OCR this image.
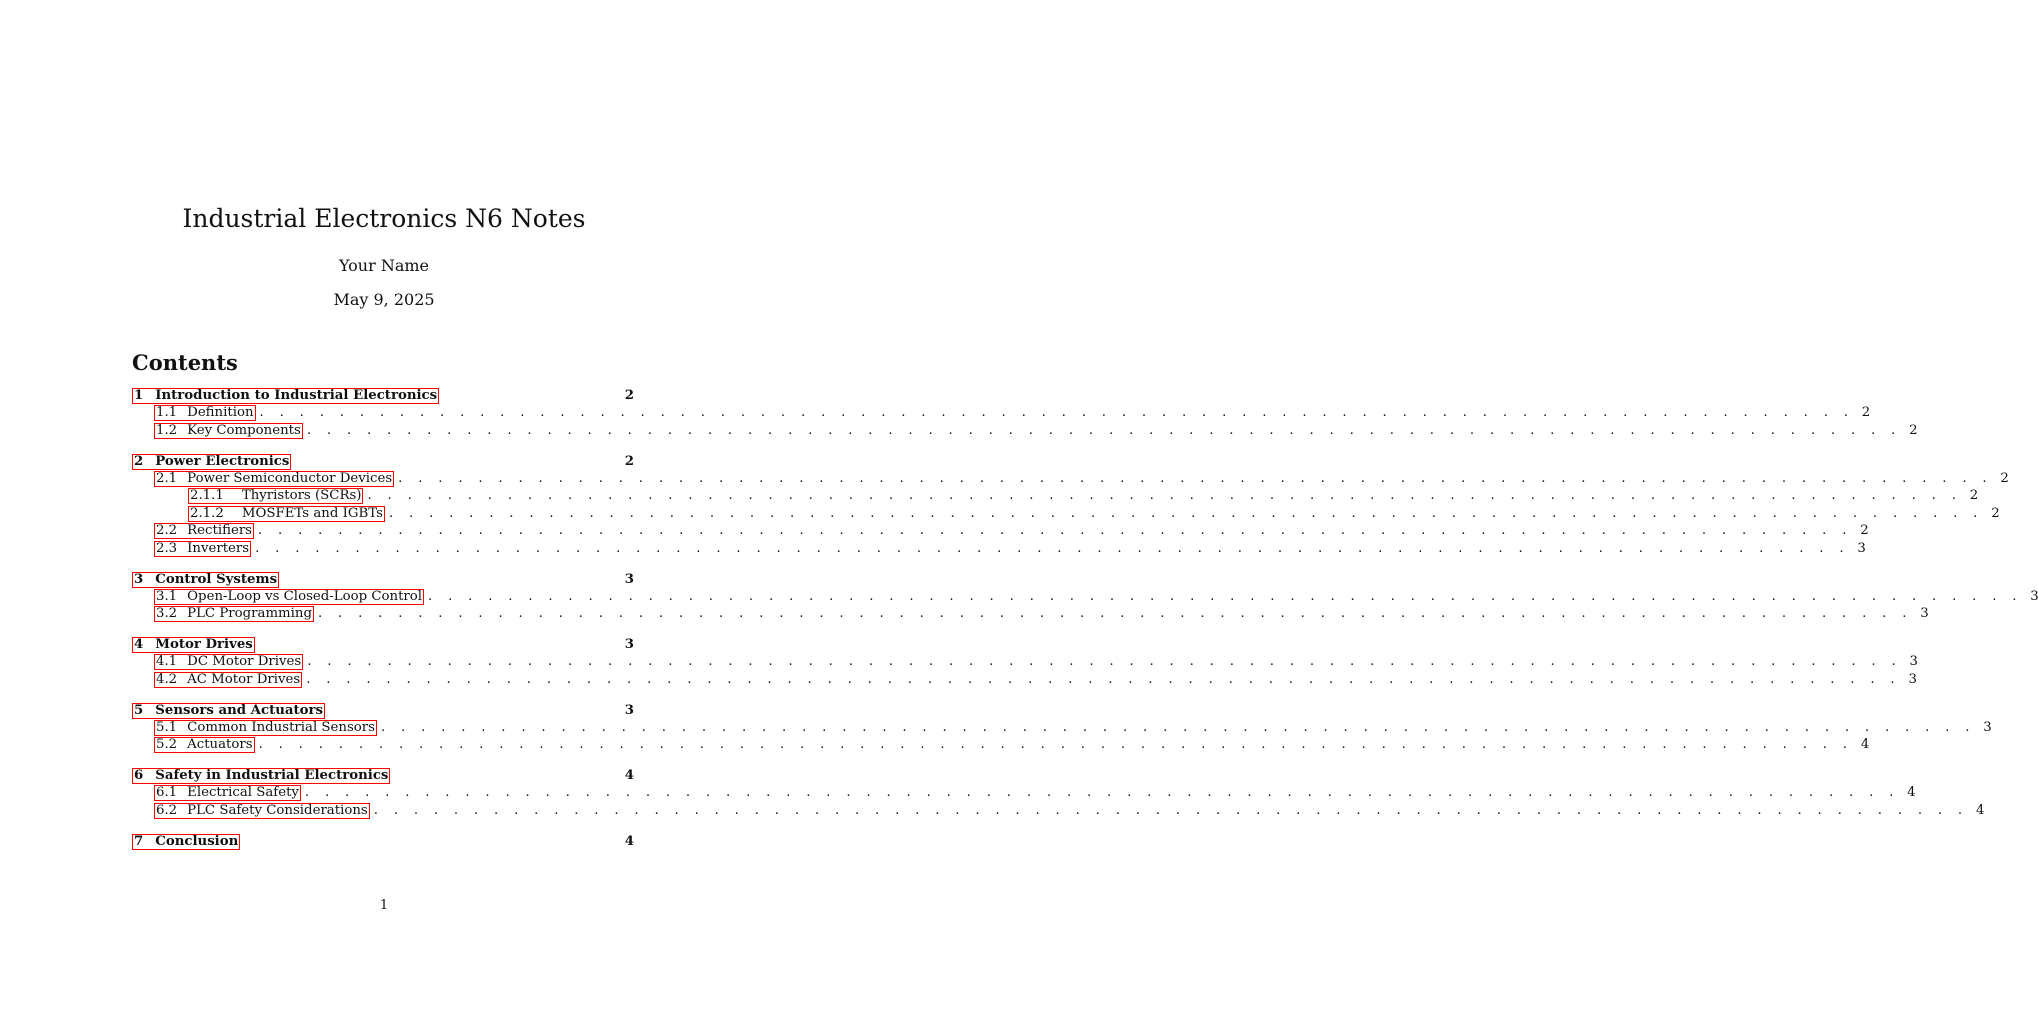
Industrial Electronics N6 Notes
Your Name
May 9, 2025
Contents
1 Introduction to Industrial Electronics	2
1.1 Definition . . . . . . . . . . . . . . . . . . . . . . . . . . . . . . . . . . . . . . . . . . . . . . . . . . . . . . . . . . . . . . . . . . . . . . . . . . . . . . . . 2
1.2 Key Components . . . . . . . . . . . . . . . . . . . . . . . . . . . . . . . . . . . . . . . . . . . . . . . . . . . . . . . . . . . . . . . . . . . . . . . . . . . . . . . . 2
2 Power Electronics	2
2.1 Power Semiconductor Devices . . . . . . . . . . . . . . . . . . . . . . . . . . . . . . . . . . . . . . . . . . . . . . . . . . . . . . . . . . . . . . . . . . . . . . . . . . . . . . . . 2
2.1.1 Thyristors (SCRs) . . . . . . . . . . . . . . . . . . . . . . . . . . . . . . . . . . . . . . . . . . . . . . . . . . . . . . . . . . . . . . . . . . . . . . . . . . . . . . . . 2
2.1.2 MOSFETs and IGBTs . . . . . . . . . . . . . . . . . . . . . . . . . . . . . . . . . . . . . . . . . . . . . . . . . . . . . . . . . . . . . . . . . . . . . . . . . . . . . . . . 2
2.2 Rectifiers . . . . . . . . . . . . . . . . . . . . . . . . . . . . . . . . . . . . . . . . . . . . . . . . . . . . . . . . . . . . . . . . . . . . . . . . . . . . . . . . 2
2.3 Inverters . . . . . . . . . . . . . . . . . . . . . . . . . . . . . . . . . . . . . . . . . . . . . . . . . . . . . . . . . . . . . . . . . . . . . . . . . . . . . . . . 3
3 Control Systems	3
3.1 Open-Loop vs Closed-Loop Control . . . . . . . . . . . . . . . . . . . . . . . . . . . . . . . . . . . . . . . . . . . . . . . . . . . . . . . . . . . . . . . . . . . . . . . . . . . . . . . . 3
3.2 PLC Programming . . . . . . . . . . . . . . . . . . . . . . . . . . . . . . . . . . . . . . . . . . . . . . . . . . . . . . . . . . . . . . . . . . . . . . . . . . . . . . . . 3
4 Motor Drives	3
4.1 DC Motor Drives . . . . . . . . . . . . . . . . . . . . . . . . . . . . . . . . . . . . . . . . . . . . . . . . . . . . . . . . . . . . . . . . . . . . . . . . . . . . . . . . 3
4.2 AC Motor Drives . . . . . . . . . . . . . . . . . . . . . . . . . . . . . . . . . . . . . . . . . . . . . . . . . . . . . . . . . . . . . . . . . . . . . . . . . . . . . . . . 3
5 Sensors and Actuators	3
5.1 Common Industrial Sensors . . . . . . . . . . . . . . . . . . . . . . . . . . . . . . . . . . . . . . . . . . . . . . . . . . . . . . . . . . . . . . . . . . . . . . . . . . . . . . . . 3
5.2 Actuators . . . . . . . . . . . . . . . . . . . . . . . . . . . . . . . . . . . . . . . . . . . . . . . . . . . . . . . . . . . . . . . . . . . . . . . . . . . . . . . . 4
6 Safety in Industrial Electronics	4
6.1 Electrical Safety . . . . . . . . . . . . . . . . . . . . . . . . . . . . . . . . . . . . . . . . . . . . . . . . . . . . . . . . . . . . . . . . . . . . . . . . . . . . . . . . 4
6.2 PLC Safety Considerations . . . . . . . . . . . . . . . . . . . . . . . . . . . . . . . . . . . . . . . . . . . . . . . . . . . . . . . . . . . . . . . . . . . . . . . . . . . . . . . . 4
7 Conclusion	4
1
